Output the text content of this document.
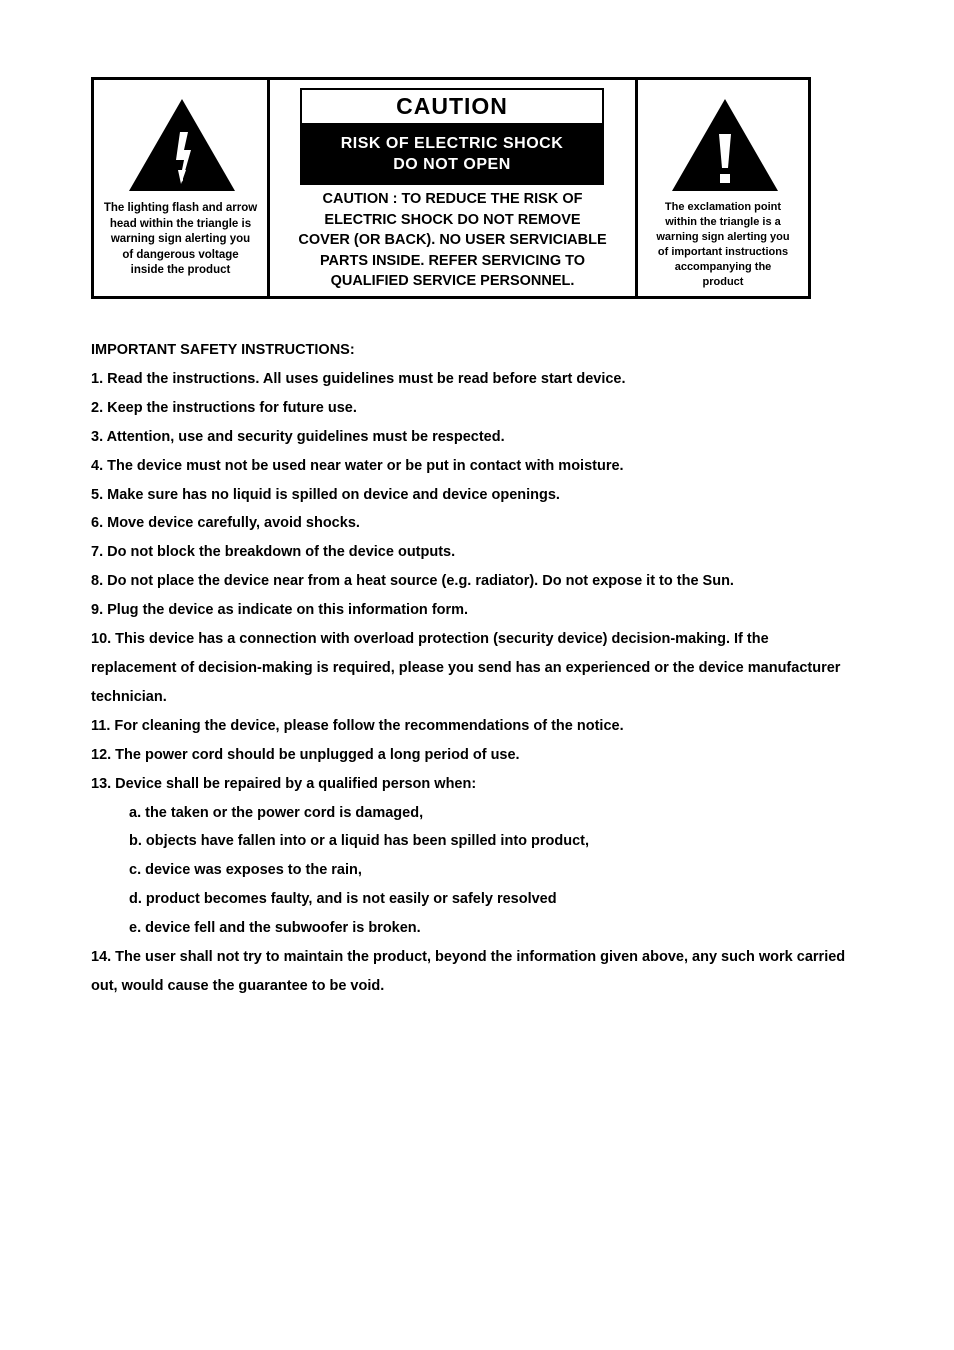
The lighting flash and arrow
head within the triangle is
warning sign alerting you
of dangerous voltage
inside the product
CAUTION
RISK OF ELECTRIC SHOCK
DO NOT OPEN
CAUTION : TO REDUCE THE RISK OF
ELECTRIC SHOCK DO NOT REMOVE
COVER (OR BACK). NO USER SERVICIABLE
PARTS INSIDE. REFER SERVICING TO
QUALIFIED SERVICE PERSONNEL.
The exclamation point
within the triangle is a
warning sign alerting you
of important instructions
accompanying the
product

IMPORTANT SAFETY INSTRUCTIONS:

1. Read the instructions. All uses guidelines must be read before start device.

2. Keep the instructions for future use.

3. Attention, use and security guidelines must be respected.

4. The device must not be used near water or be put in contact with moisture.

5. Make sure has no liquid is spilled on device and device openings.

6. Move device carefully, avoid shocks.

7. Do not block the breakdown of the device outputs.

8. Do not place the device near from a heat source (e.g. radiator). Do not expose it to the Sun.

9. Plug the device as indicate on this information form.

10. This device has a connection with overload protection (security device) decision-making. If the replacement of decision-making is required, please you send has an experienced or the device manufacturer technician.

11. For cleaning the device, please follow the recommendations of the notice.

12. The power cord should be unplugged a long period of use.

13. Device shall be repaired by a qualified person when:

a. the taken or the power cord is damaged,

b. objects have fallen into or a liquid has been spilled into product,

c. device was exposes to the rain,

d. product becomes faulty, and is not easily or safely resolved

e. device fell and the subwoofer is broken.

14. The user shall not try to maintain the product, beyond the information given above, any such work carried out, would cause the guarantee to be void.
